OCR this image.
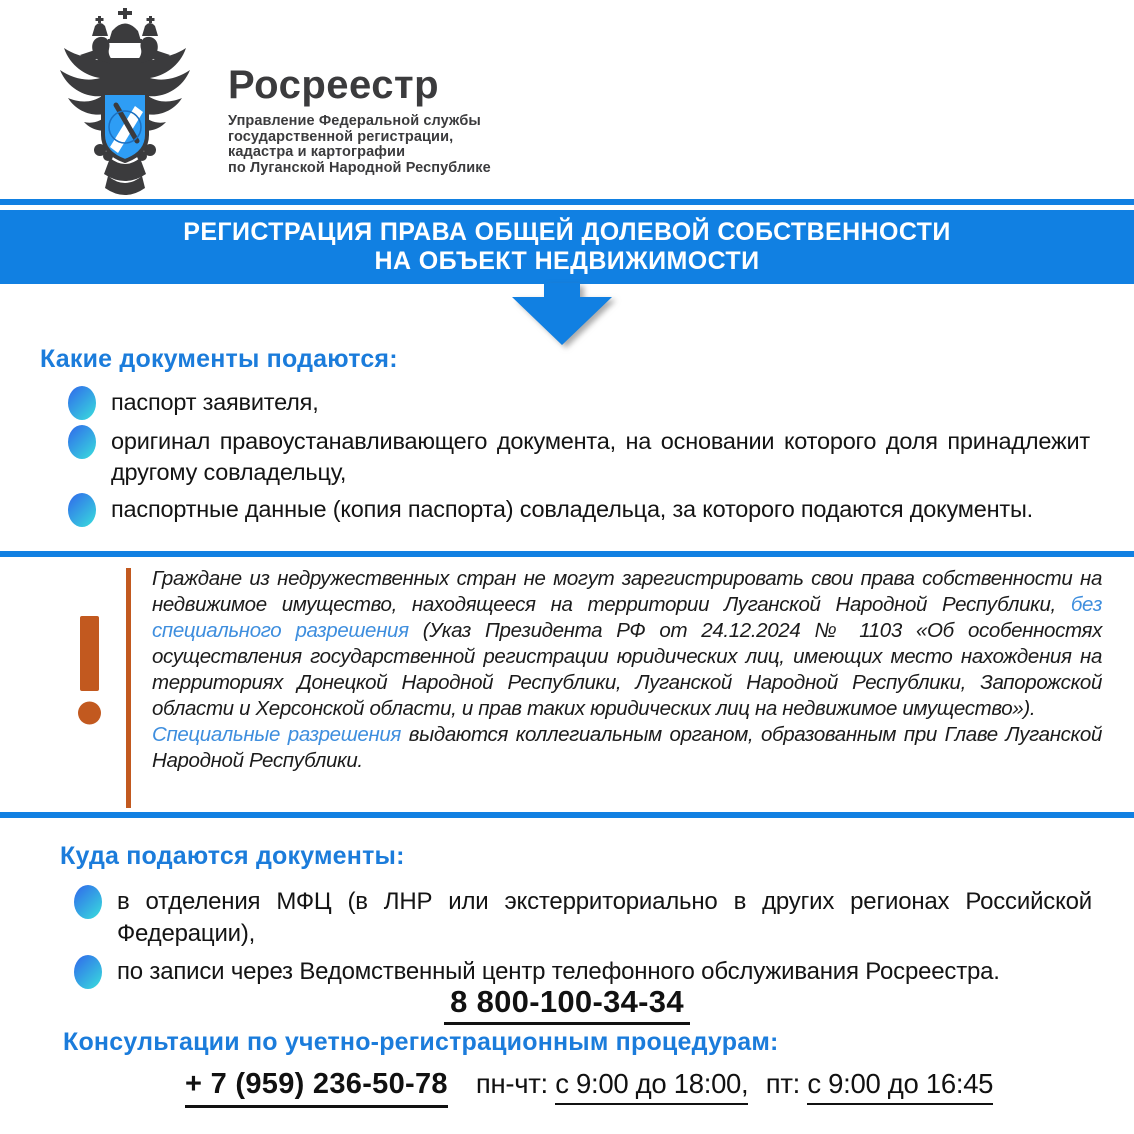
Росреестр
Управление Федеральной службы
государственной регистрации,
кадастра и картографии
по Луганской Народной Республике
РЕГИСТРАЦИЯ ПРАВА ОБЩЕЙ ДОЛЕВОЙ СОБСТВЕННОСТИ
НА ОБЪЕКТ НЕДВИЖИМОСТИ
Какие документы подаются:
паспорт заявителя,
оригинал правоустанавливающего документа, на основании которого доля принадлежит другому совладельцу,
паспортные данные (копия паспорта) совладельца, за которого подаются документы.

Граждане из недружественных стран не могут зарегистрировать свои права собственности на недвижимое имущество, находящееся на территории Луганской Народной Республики, без специального разрешения (Указ Президента РФ от 24.12.2024 № 1103 «Об особенностях осуществления государственной регистрации юридических лиц, имеющих место нахождения на территориях Донецкой Народной Республики, Луганской Народной Республики, Запорожской области и Херсонской области, и прав таких юридических лиц на недвижимое имущество»).
Специальные разрешения выдаются коллегиальным органом, образованным при Главе Луганской Народной Республики.

Куда подаются документы:
в отделения МФЦ (в ЛНР или экстерриториально в других регионах Российской Федерации),
по записи через Ведомственный центр телефонного обслуживания Росреестра.
8 800-100-34-34
Консультации по учетно-регистрационным процедурам:
+ 7 (959) 236-50-78 пн-чт: с 9:00 до 18:00, пт: с 9:00 до 16:45
